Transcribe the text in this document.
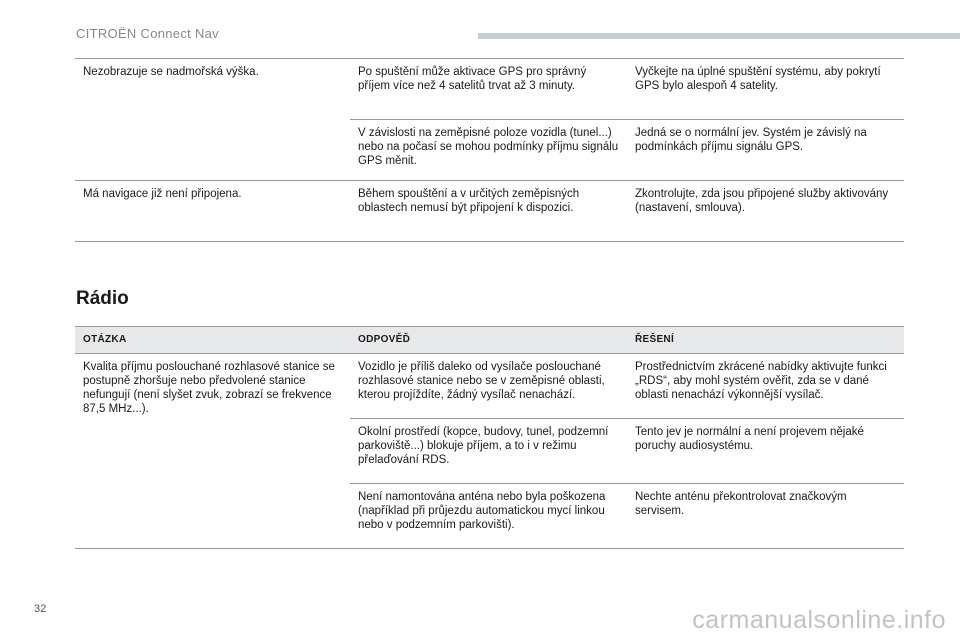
CITROËN Connect Nav
Nezobrazuje se nadmořská výška.	Po spuštění může aktivace GPS pro správný příjem více než 4 satelitů trvat až 3 minuty.	Vyčkejte na úplné spuštění systému, aby pokrytí GPS bylo alespoň 4 satelity.
	V závislosti na zeměpisné poloze vozidla (tunel...) nebo na počasí se mohou podmínky příjmu signálu GPS měnit.	Jedná se o normální jev. Systém je závislý na podmínkách příjmu signálu GPS.
Má navigace již není připojena.	Během spouštění a v určitých zeměpisných oblastech nemusí být připojení k dispozici.	Zkontrolujte, zda jsou připojené služby aktivovány (nastavení, smlouva).
Rádio
OTÁZKA	ODPOVĚĎ	ŘEŠENÍ
Kvalita příjmu poslouchané rozhlasové stanice se postupně zhoršuje nebo předvolené stanice nefungují (není slyšet zvuk, zobrazí se frekvence 87,5 MHz...).	Vozidlo je příliš daleko od vysílače poslouchané rozhlasové stanice nebo se v zeměpisné oblasti, kterou projíždíte, žádný vysílač nenachází.	Prostřednictvím zkrácené nabídky aktivujte funkci „RDS“, aby mohl systém ověřit, zda se v dané oblasti nenachází výkonnější vysílač.
	Okolní prostředí (kopce, budovy, tunel, podzemní parkoviště...) blokuje příjem, a to i v režimu přelaďování RDS.	Tento jev je normální a není projevem nějaké poruchy audiosystému.
	Není namontována anténa nebo byla poškozena (například při průjezdu automatickou mycí linkou nebo v podzemním parkovišti).	Nechte anténu překontrolovat značkovým servisem.
32	carmanualsonline.info
